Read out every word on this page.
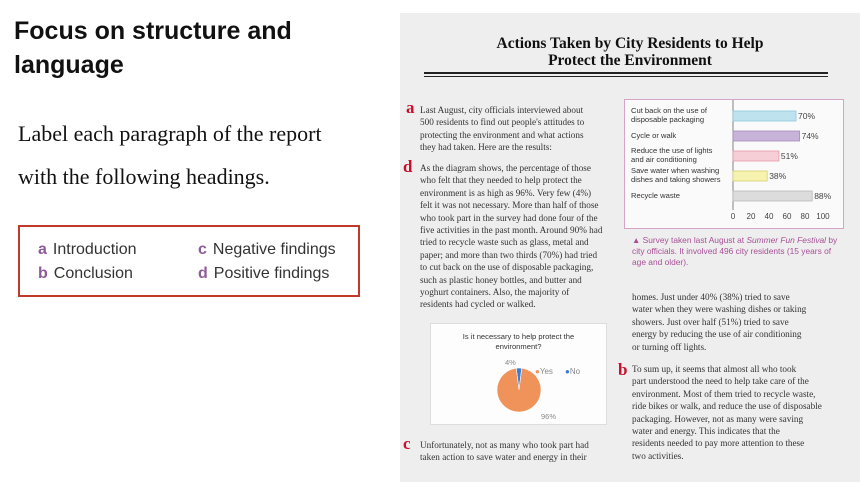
Focus on structure and
language
Label each paragraph of the report
with the following headings.
a Introduction
b Conclusion
c Negative findings
d Positive findings
Actions Taken by City Residents to Help
Protect the Environment
a Last August, city officials interviewed about
500 residents to find out people's attitudes to
protecting the environment and what actions
they had taken. Here are the results:
d As the diagram shows, the percentage of those
who felt that they needed to help protect the
environment is as high as 96%. Very few (4%)
felt it was not necessary. More than half of those
who took part in the survey had done four of the
five activities in the past month. Around 90% had
tried to recycle waste such as glass, metal and
paper; and more than two thirds (70%) had tried
to cut back on the use of disposable packaging,
such as plastic honey bottles, and butter and
yoghurt containers. Also, the majority of
residents had cycled or walked.
Cut back on the use of
disposable packaging	70%
Cycle or walk	74%
Reduce the use of lights
and air conditioning	51%
Save water when washing
dishes and taking showers	38%
Recycle waste	88%
0 20 40 60 80 100
▲ Survey taken last August at Summer Fun Festival by city officials. It involved 496 city residents (15 years of age and older).
Is it necessary to help protect the environment?
●Yes ●No
96%
4%
c Unfortunately, not as many who took part had
taken action to save water and energy in their
homes. Just under 40% (38%) tried to save
water when they were washing dishes or taking
showers. Just over half (51%) tried to save
energy by reducing the use of air conditioning
or turning off lights.
b To sum up, it seems that almost all who took
part understood the need to help take care of the
environment. Most of them tried to recycle waste,
ride bikes or walk, and reduce the use of disposable
packaging. However, not as many were saving
water and energy. This indicates that the
residents needed to pay more attention to these
two activities.
